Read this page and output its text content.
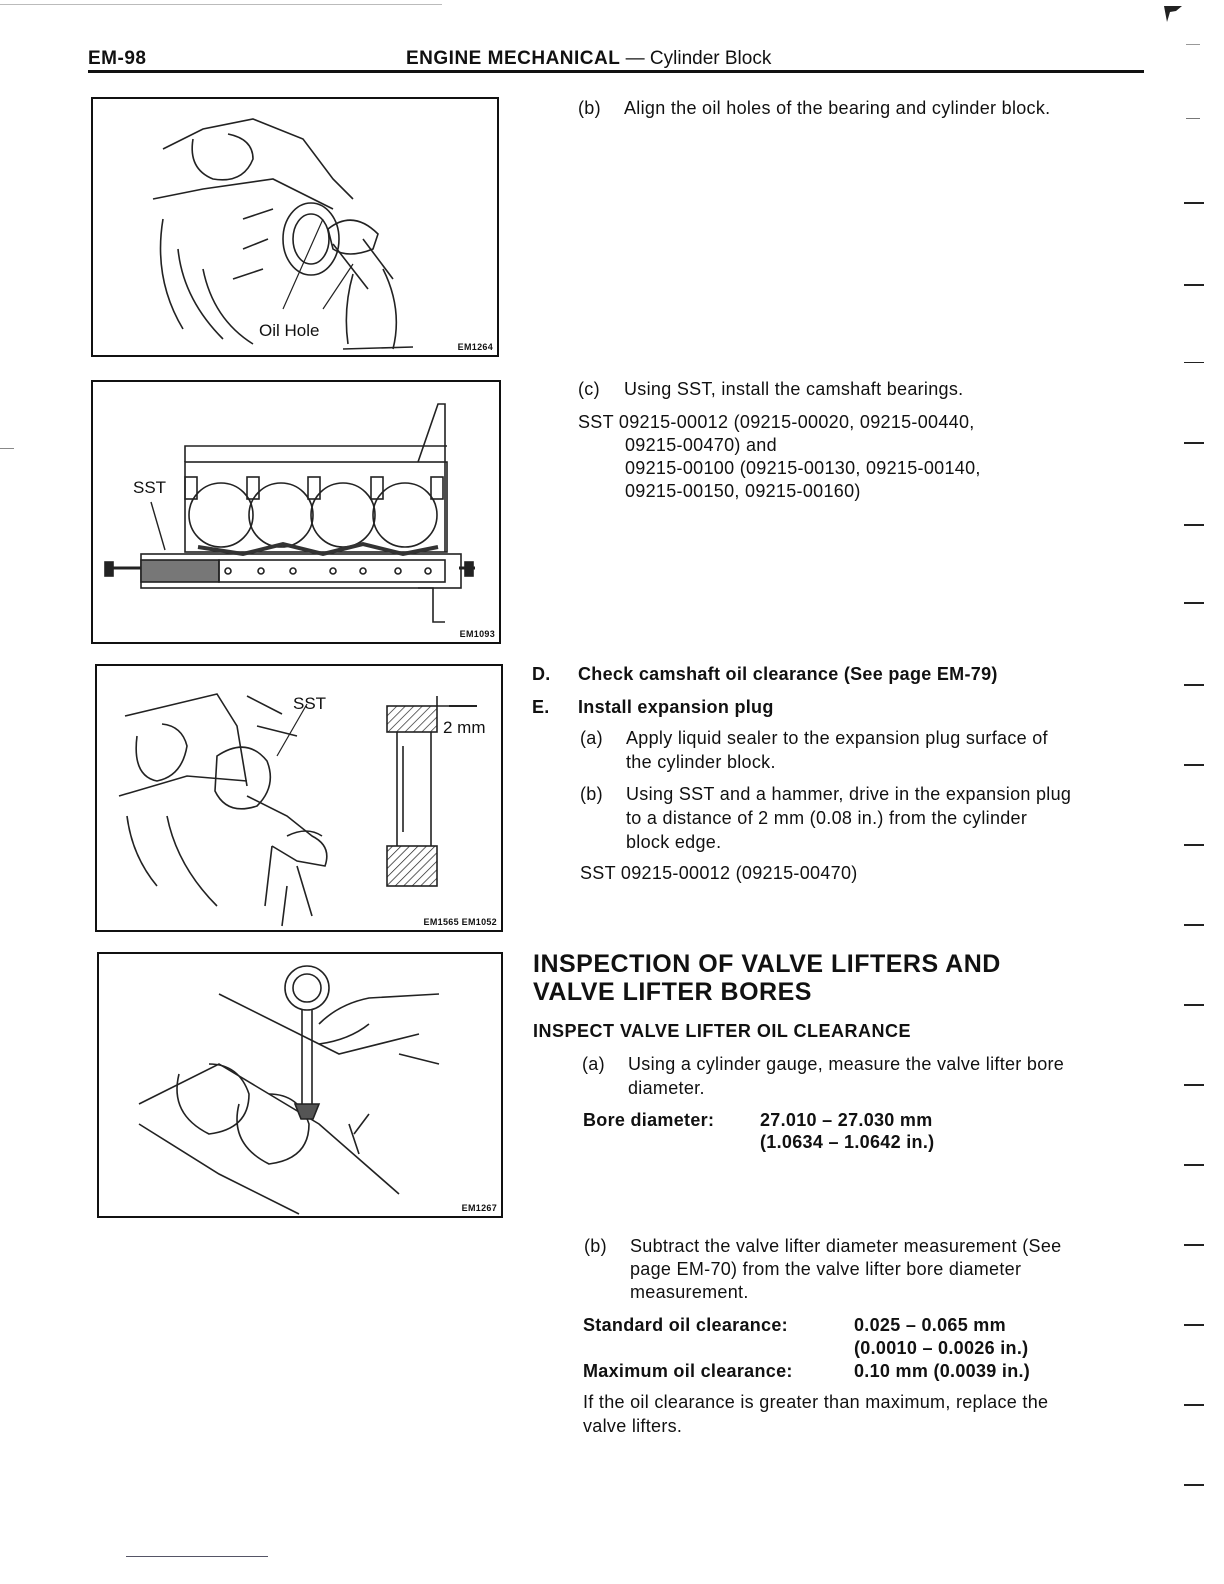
EM-98	ENGINE MECHANICAL — Cylinder Block
Oil Hole
EM1264
SST
EM1093
SST
2 mm
EM1565 EM1052
EM1267
(b) Align the oil holes of the bearing and cylinder block.
(c) Using SST, install the camshaft bearings.
SST 09215-00012 (09215-00020, 09215-00440,
09215-00470) and
09215-00100 (09215-00130, 09215-00140,
09215-00150, 09215-00160)
D. Check camshaft oil clearance (See page EM-79)
E. Install expansion plug
(a) Apply liquid sealer to the expansion plug surface of
the cylinder block.
(b) Using SST and a hammer, drive in the expansion plug
to a distance of 2 mm (0.08 in.) from the cylinder
block edge.
SST 09215-00012 (09215-00470)
INSPECTION OF VALVE LIFTERS AND
VALVE LIFTER BORES
INSPECT VALVE LIFTER OIL CLEARANCE
(a) Using a cylinder gauge, measure the valve lifter bore
diameter.
Bore diameter:	27.010 – 27.030 mm
(1.0634 – 1.0642 in.)
(b) Subtract the valve lifter diameter measurement (See
page EM-70) from the valve lifter bore diameter
measurement.
Standard oil clearance:	0.025 – 0.065 mm
(0.0010 – 0.0026 in.)
Maximum oil clearance:	0.10 mm (0.0039 in.)
If the oil clearance is greater than maximum, replace the
valve lifters.
